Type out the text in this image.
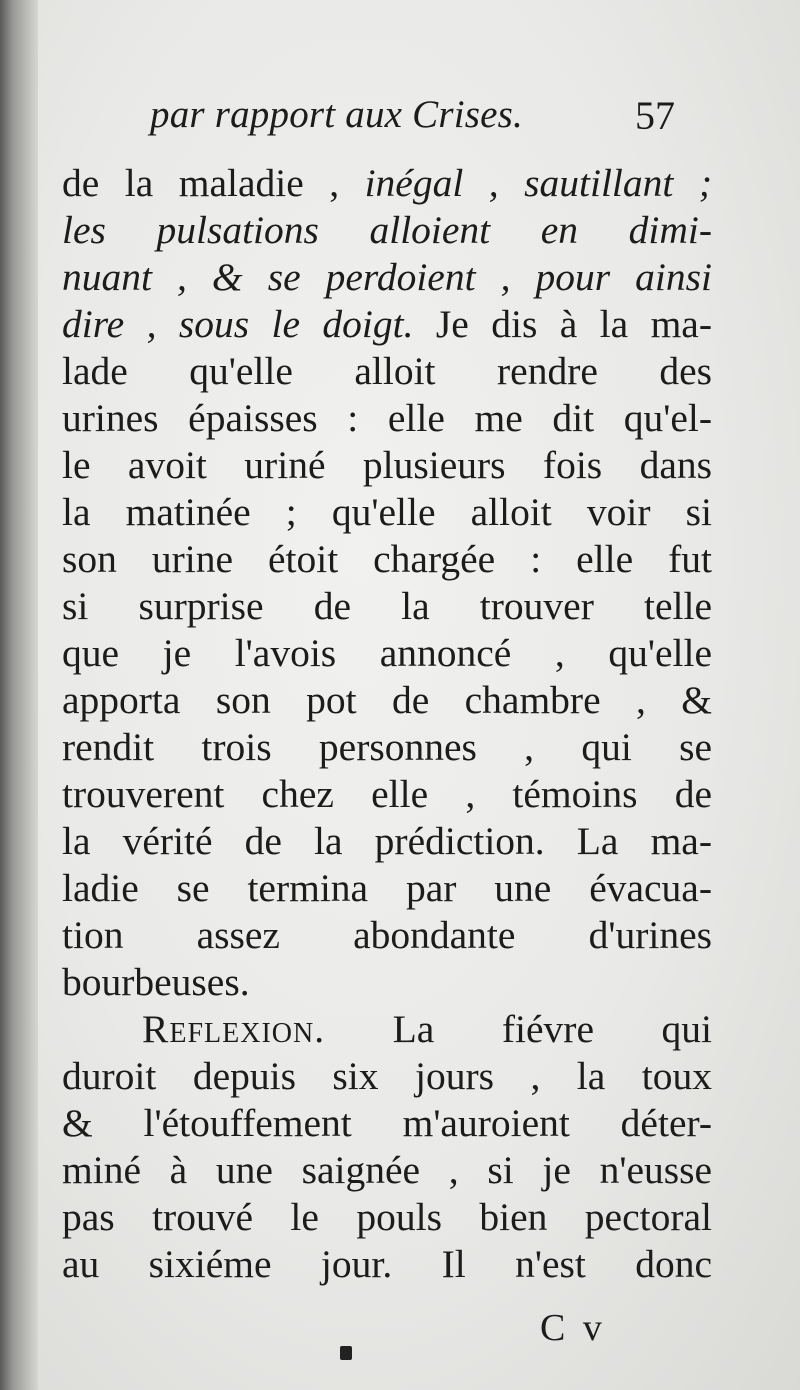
par rapport aux Crises.	57
de la maladie , inégal , sautillant ;
les pulsations alloient en dimi-
nuant , & se perdoient , pour ainsi
dire , sous le doigt. Je dis à la ma-
lade qu'elle alloit rendre des
urines épaisses : elle me dit qu'el-
le avoit uriné plusieurs fois dans
la matinée ; qu'elle alloit voir si
son urine étoit chargée : elle fut
si surprise de la trouver telle
que je l'avois annoncé , qu'elle
apporta son pot de chambre , &
rendit trois personnes , qui se
trouverent chez elle , témoins de
la vérité de la prédiction. La ma-
ladie se termina par une évacua-
tion assez abondante d'urines
bourbeuses.
Reflexion. La fiévre qui
duroit depuis six jours , la toux
& l'étouffement m'auroient déter-
miné à une saignée , si je n'eusse
pas trouvé le pouls bien pectoral
au sixiéme jour. Il n'est donc
C v
